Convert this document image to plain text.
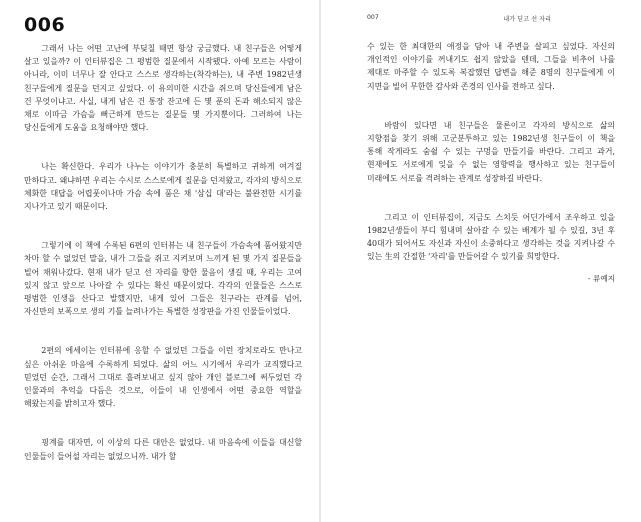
006

그래서 나는 어떤 고난에 부딪칠 때면 항상 궁금했다. 내 친구들은 어떻게 살고 있을까? 이 인터뷰집은 그 평범한 질문에서 시작됐다. 아예 모르는 사람이 아니라, 이미 너무나 잘 안다고 스스로 생각하는(착각하는), 내 주변 1982년생 친구들에게 질문을 던지고 싶었다. 이 유의미한 시간을 쥐으며 당신들에게 남은 건 무엇이냐고. 사실, 내게 남은 건 통장 잔고에 든 몇 푼의 돈과 해소되지 않은 채로 이따금 가슴을 뻐근하게 만드는 질문들 몇 가지뿐이다. 그러하여 나는 당신들에게 도움을 요청해야만 했다.

나는 확신한다. 우리가 나누는 이야기가 충분히 특별하고 귀하게 여겨질 만하다고. 왜냐하면 우리는 수시로 스스로에게 질문을 던져왔고, 각자의 방식으로 체화한 대답을 어렵풋이나마 가슴 속에 품은 채 '삼십 대'라는 불완전한 시기를 지나가고 있기 때문이다.

그렇기에 이 책에 수록된 6편의 인터뷰는 내 친구들이 가슴속에 품어왔지만 차마 할 수 없었던 말을, 내가 그들을 쥐고 지켜보며 느끼게 된 몇 가지 질문들을 빌어 채워나갔다. 현재 내가 딛고 선 자리를 향한 물음이 생길 때, 우리는 고여 있지 않고 앞으로 나아갈 수 있다는 확신 때문이었다. 각각의 인물들은 스스로 평범한 인생을 산다고 발했지만, 내게 있어 그들은 친구라는 관계를 넘어, 자신만의 보폭으로 생의 기틀 늘려나가는 특별한 성장판을 가진 인물들이었다.

2편의 에세이는 인터뷰에 응할 수 없었던 그들을 이런 장치로라도 만나고 싶은 아쉬운 마음에 수록하게 되었다. 삶의 어느 시기에서 우리가 교직했다고 믿었던 순간, 그래서 그대로 흘려보내고 싶지 않아 개인 블로그에 써두었던 각 인물과의 추억을 다듬은 것으로, 이들이 내 인생에서 어떤 중요한 역할을 해왔는지를 밝히고자 했다.

핑계를 대자면, 이 이상의 다른 대안은 없었다. 내 마음속에 이들을 대신할 인물들이 들어설 자리는 없었으니까. 내가 할

007	내가 딛고 선 자리

수 있는 한 최대한의 애정을 담아 내 주변을 살피고 싶었다. 자신의 개인적인 이야기를 꺼내기도 쉽지 않았을 텐데, 그들을 비추어 나를 제대로 마주할 수 있도록 복잡했던 답변을 해준 8명의 친구들에게 이 지면을 빌어 무한한 감사와 존경의 인사를 전하고 싶다.

바람이 있다면 내 친구들은 물론이고 각자의 방식으로 삶의 지향점을 찾기 위해 고군분투하고 있는 1982년생 친구들이 이 책을 통해 작게라도 숨쉴 수 있는 구멍을 만들기를 바란다. 그리고 과거, 현재에도 서로에게 잊을 수 없는 영향력을 행사하고 있는 친구들이 미래에도 서로를 격려하는 관계로 성장하길 바란다.

그리고 이 인터뷰집이, 지금도 스치듯 어딘가에서 조우하고 있을 1982년생들이 부디 힘내며 살아갈 수 있는 배계가 될 수 있길, 3년 후 40대가 되어서도 자신과 자신이 소중하다고 생각하는 것을 지켜나갈 수 있는 生의 간절한 '자리'를 만들어갈 수 있기를 희망한다.

- 류예지
